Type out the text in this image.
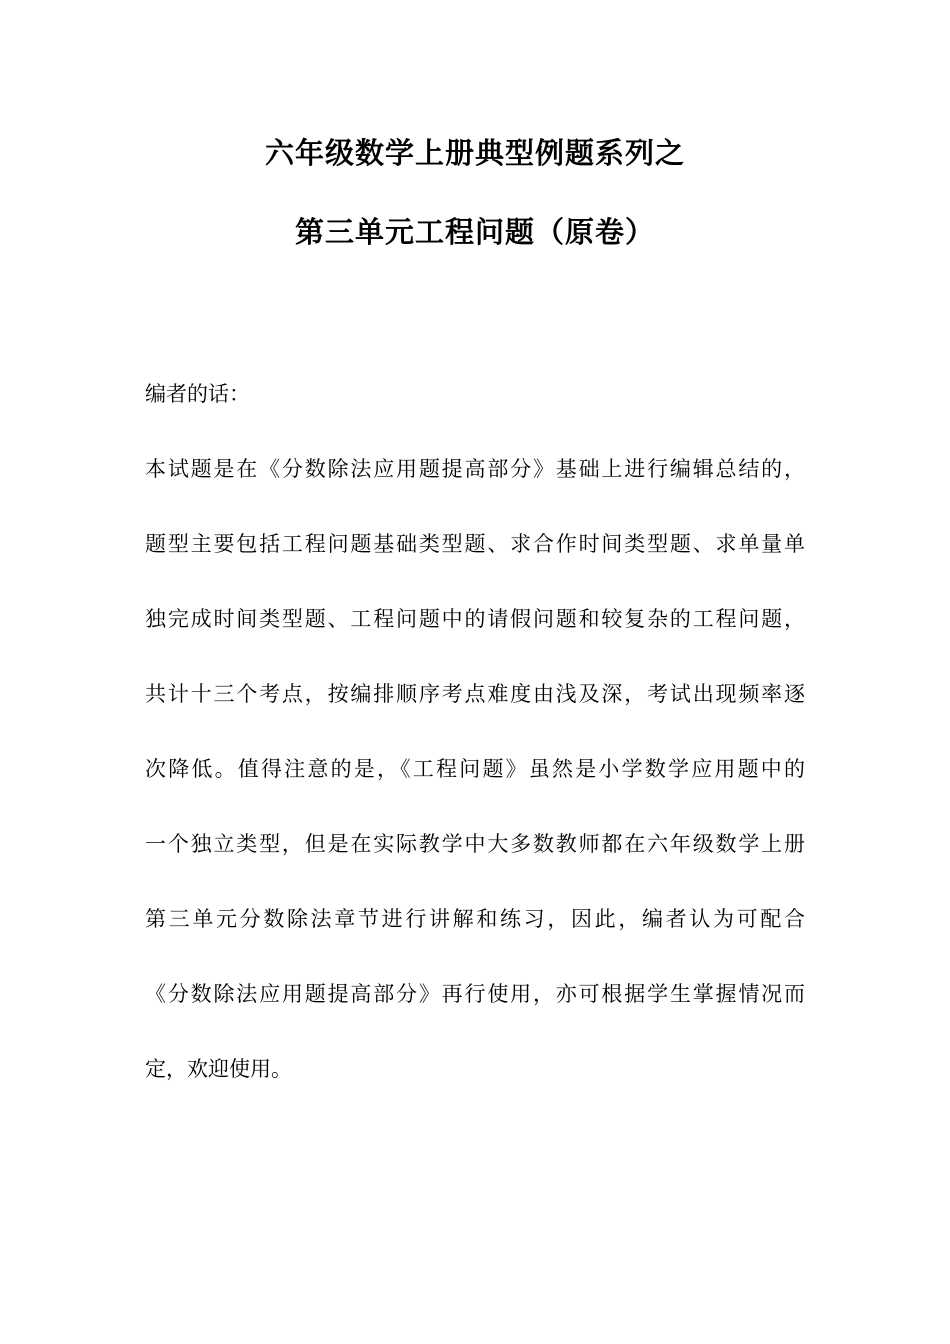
六年级数学上册典型例题系列之
第三单元工程问题（原卷）
编者的话：
本试题是在《分数除法应用题提高部分》基础上进行编辑总结的，
题型主要包括工程问题基础类型题、求合作时间类型题、求单量单
独完成时间类型题、工程问题中的请假问题和较复杂的工程问题，
共计十三个考点，按编排顺序考点难度由浅及深，考试出现频率逐
次降低。值得注意的是，《工程问题》虽然是小学数学应用题中的
一个独立类型，但是在实际教学中大多数教师都在六年级数学上册
第三单元分数除法章节进行讲解和练习，因此，编者认为可配合
《分数除法应用题提高部分》再行使用，亦可根据学生掌握情况而
定，欢迎使用。
